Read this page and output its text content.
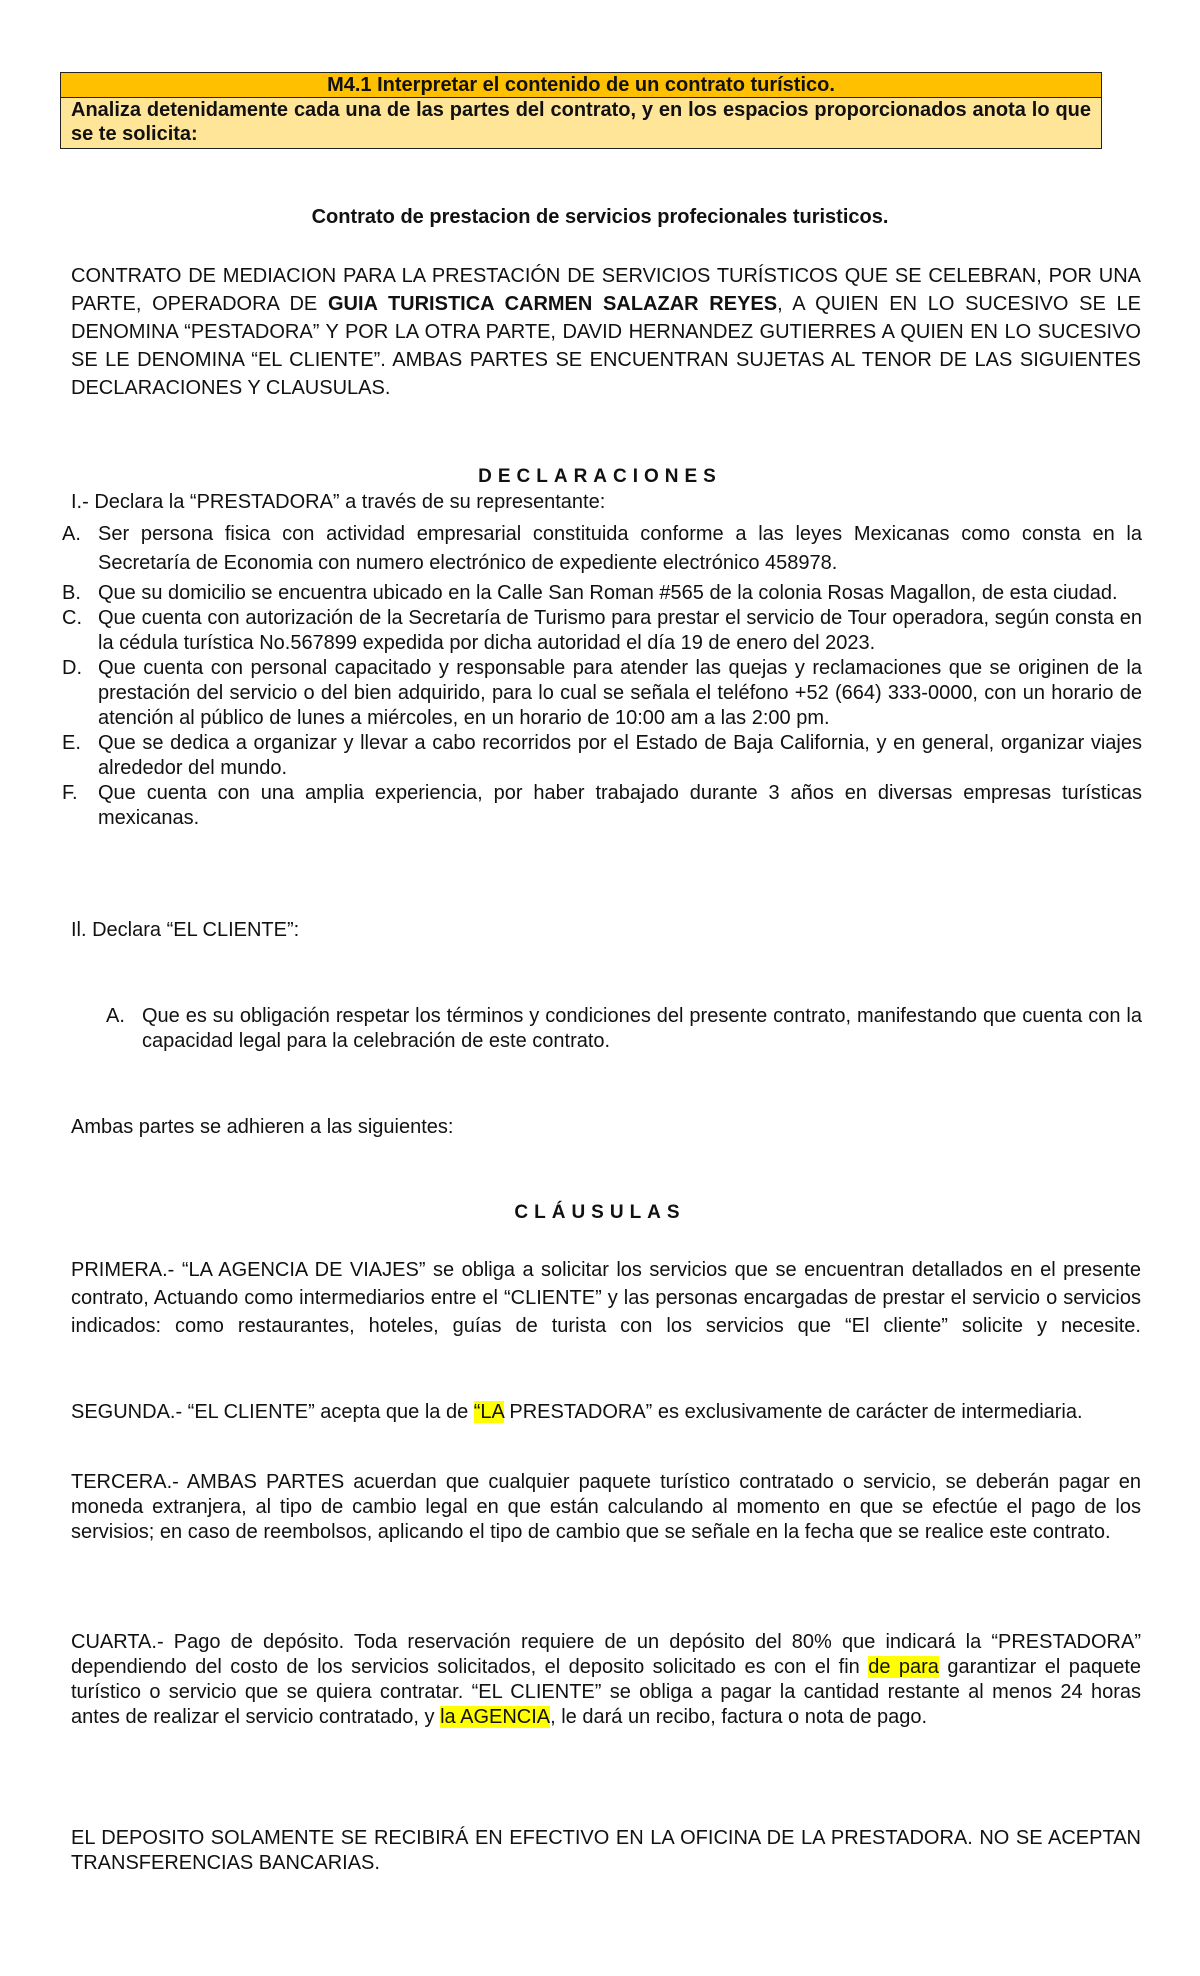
M4.1 Interpretar el contenido de un contrato turístico.
Analiza detenidamente cada una de las partes del contrato, y en los espacios proporcionados anota lo que se te solicita:
Contrato de prestacion de servicios profecionales turisticos.
CONTRATO DE MEDIACION PARA LA PRESTACIÓN DE SERVICIOS TURÍSTICOS QUE SE CELEBRAN, POR UNA PARTE, OPERADORA DE GUIA TURISTICA CARMEN SALAZAR REYES, A QUIEN EN LO SUCESIVO SE LE DENOMINA “PESTADORA” Y POR LA OTRA PARTE, DAVID HERNANDEZ GUTIERRES A QUIEN EN LO SUCESIVO SE LE DENOMINA “EL CLIENTE”. AMBAS PARTES SE ENCUENTRAN SUJETAS AL TENOR DE LAS SIGUIENTES DECLARACIONES Y CLAUSULAS.
DECLARACIONES
I.- Declara la “PRESTADORA” a través de su representante:
A. Ser persona fisica con actividad empresarial constituida conforme a las leyes Mexicanas como consta en la Secretaría de Economia con numero electrónico de expediente electrónico 458978.
B. Que su domicilio se encuentra ubicado en la Calle San Roman #565 de la colonia Rosas Magallon, de esta ciudad.
C. Que cuenta con autorización de la Secretaría de Turismo para prestar el servicio de Tour operadora, según consta en la cédula turística No.567899 expedida por dicha autoridad el día 19 de enero del 2023.
D. Que cuenta con personal capacitado y responsable para atender las quejas y reclamaciones que se originen de la prestación del servicio o del bien adquirido, para lo cual se señala el teléfono +52 (664) 333-0000, con un horario de atención al público de lunes a miércoles, en un horario de 10:00 am a las 2:00 pm.
E. Que se dedica a organizar y llevar a cabo recorridos por el Estado de Baja California, y en general, organizar viajes alrededor del mundo.
F. Que cuenta con una amplia experiencia, por haber trabajado durante 3 años en diversas empresas turísticas mexicanas.
Il. Declara “EL CLIENTE”:
A. Que es su obligación respetar los términos y condiciones del presente contrato, manifestando que cuenta con la capacidad legal para la celebración de este contrato.
Ambas partes se adhieren a las siguientes:
CLÁUSULAS
PRIMERA.- “LA AGENCIA DE VIAJES” se obliga a solicitar los servicios que se encuentran detallados en el presente contrato, Actuando como intermediarios entre el “CLIENTE” y las personas encargadas de prestar el servicio o servicios indicados: como restaurantes, hoteles, guías de turista con los servicios que “El cliente” solicite y necesite.
SEGUNDA.- “EL CLIENTE” acepta que la de “LA PRESTADORA” es exclusivamente de carácter de intermediaria.
TERCERA.- AMBAS PARTES acuerdan que cualquier paquete turístico contratado o servicio, se deberán pagar en moneda extranjera, al tipo de cambio legal en que están calculando al momento en que se efectúe el pago de los servisios; en caso de reembolsos, aplicando el tipo de cambio que se señale en la fecha que se realice este contrato.
CUARTA.- Pago de depósito. Toda reservación requiere de un depósito del 80% que indicará la “PRESTADORA” dependiendo del costo de los servicios solicitados, el deposito solicitado es con el fin de para garantizar el paquete turístico o servicio que se quiera contratar. “EL CLIENTE” se obliga a pagar la cantidad restante al menos 24 horas antes de realizar el servicio contratado, y la AGENCIA, le dará un recibo, factura o nota de pago.
EL DEPOSITO SOLAMENTE SE RECIBIRÁ EN EFECTIVO EN LA OFICINA DE LA PRESTADORA. NO SE ACEPTAN TRANSFERENCIAS BANCARIAS.
